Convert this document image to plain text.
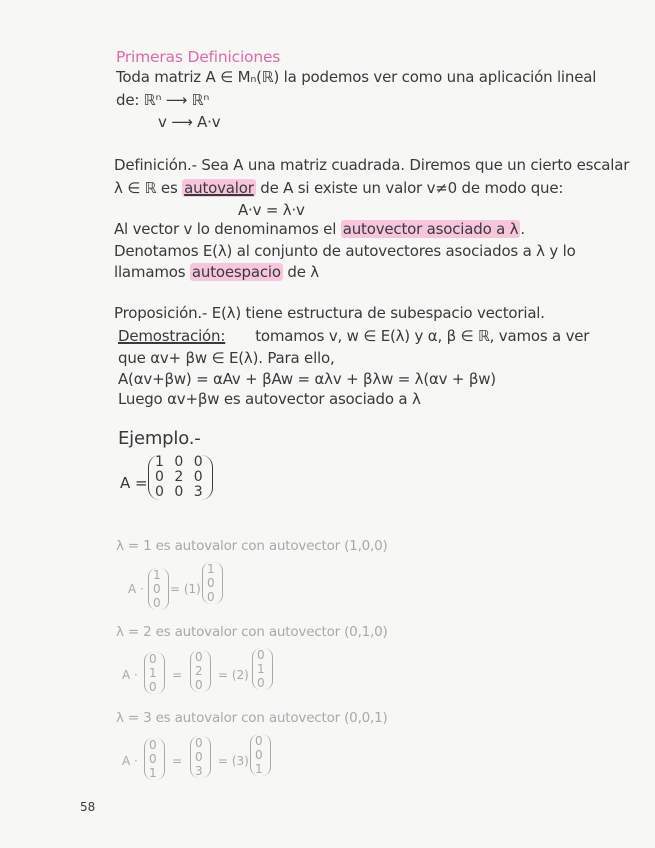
Primeras Definiciones
Toda matriz A ∈ Mₙ(ℝ) la podemos ver como una aplicación lineal
de: ℝⁿ ⟶ ℝⁿ
v ⟶ A·v
Definición.- Sea A una matriz cuadrada. Diremos que un cierto escalar
λ ∈ ℝ es autovalor de A si existe un valor v≠0 de modo que:
A·v = λ·v
Al vector v lo denominamos el autovector asociado a λ .
Denotamos E(λ) al conjunto de autovectores asociados a λ y lo
llamamos autoespacio de λ
Proposición.- E(λ) tiene estructura de subespacio vectorial.
Demostración: tomamos v, w ∈ E(λ) y α, β ∈ ℝ, vamos a ver
que αv+ βw ∈ E(λ). Para ello,
A(αv+βw) = αAv + βAw = αλv + βλw = λ(αv + βw)
Luego αv+βw es autovector asociado a λ
Ejemplo.-
A =
1 0 0
0 2 0
0 0 3
λ = 1 es autovalor con autovector (1,0,0)
A ·
1
0
0
= (1)
1
0
0
λ = 2 es autovalor con autovector (0,1,0)
A ·
0
1
0
=
0
2
0
= (2)
0
1
0
λ = 3 es autovalor con autovector (0,0,1)
A ·
0
0
1
=
0
0
3
= (3)
0
0
1
58
